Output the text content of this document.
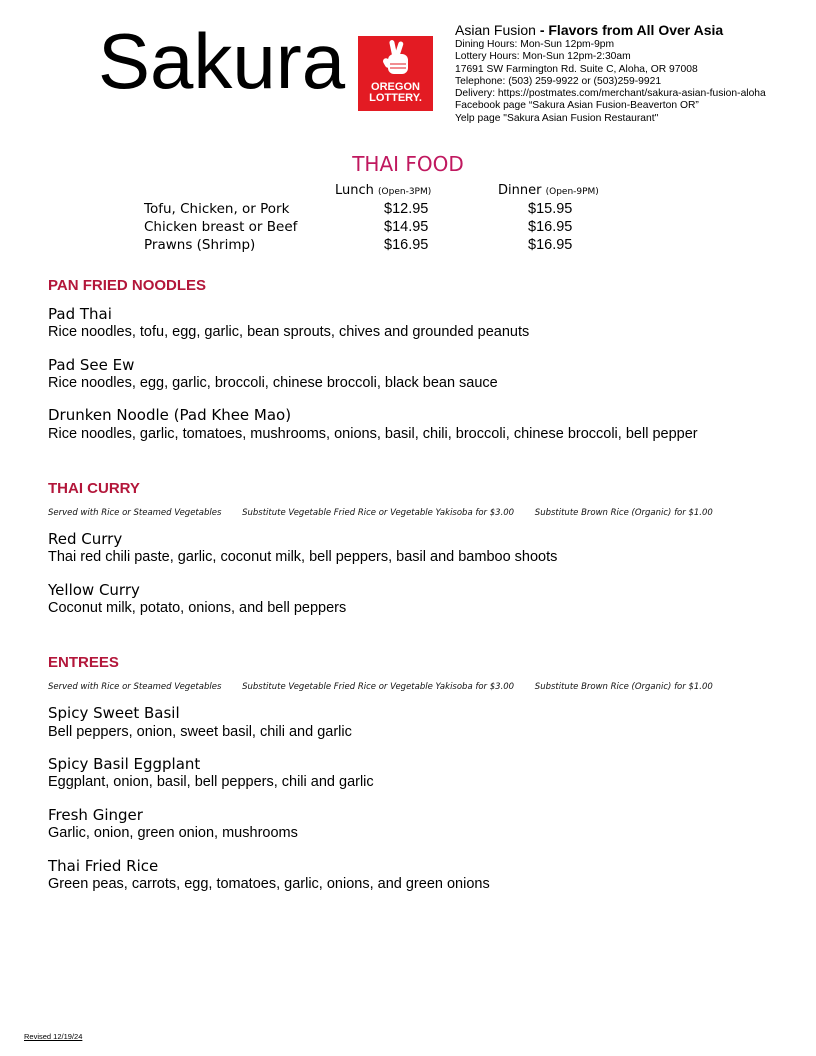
Sakura	OREGON
LOTTERY.
Asian Fusion - Flavors from All Over Asia
Dining Hours: Mon-Sun 12pm-9pm
Lottery Hours: Mon-Sun 12pm-2:30am
17691 SW Farmington Rd. Suite C, Aloha, OR 97008
Telephone: (503) 259-9922 or (503)259-9921
Delivery: https://postmates.com/merchant/sakura-asian-fusion-aloha
Facebook page “Sakura Asian Fusion-Beaverton OR”
Yelp page "Sakura Asian Fusion Restaurant"
THAI FOOD
Lunch (Open-3PM)	Dinner (Open-9PM)
Tofu, Chicken, or Pork	$12.95	$15.95
Chicken breast or Beef	$14.95	$16.95
Prawns (Shrimp)	$16.95	$16.95
PAN FRIED NOODLES
Pad Thai
Rice noodles, tofu, egg, garlic, bean sprouts, chives and grounded peanuts
Pad See Ew
Rice noodles, egg, garlic, broccoli, chinese broccoli, black bean sauce
Drunken Noodle (Pad Khee Mao)
Rice noodles, garlic, tomatoes, mushrooms, onions, basil, chili, broccoli, chinese broccoli, bell pepper
THAI CURRY
Served with Rice or Steamed Vegetables Substitute Vegetable Fried Rice or Vegetable Yakisoba for $3.00 Substitute Brown Rice (Organic) for $1.00
Red Curry
Thai red chili paste, garlic, coconut milk, bell peppers, basil and bamboo shoots
Yellow Curry
Coconut milk, potato, onions, and bell peppers
ENTREES
Served with Rice or Steamed Vegetables Substitute Vegetable Fried Rice or Vegetable Yakisoba for $3.00 Substitute Brown Rice (Organic) for $1.00
Spicy Sweet Basil
Bell peppers, onion, sweet basil, chili and garlic
Spicy Basil Eggplant
Eggplant, onion, basil, bell peppers, chili and garlic
Fresh Ginger
Garlic, onion, green onion, mushrooms
Thai Fried Rice
Green peas, carrots, egg, tomatoes, garlic, onions, and green onions
Revised 12/19/24
